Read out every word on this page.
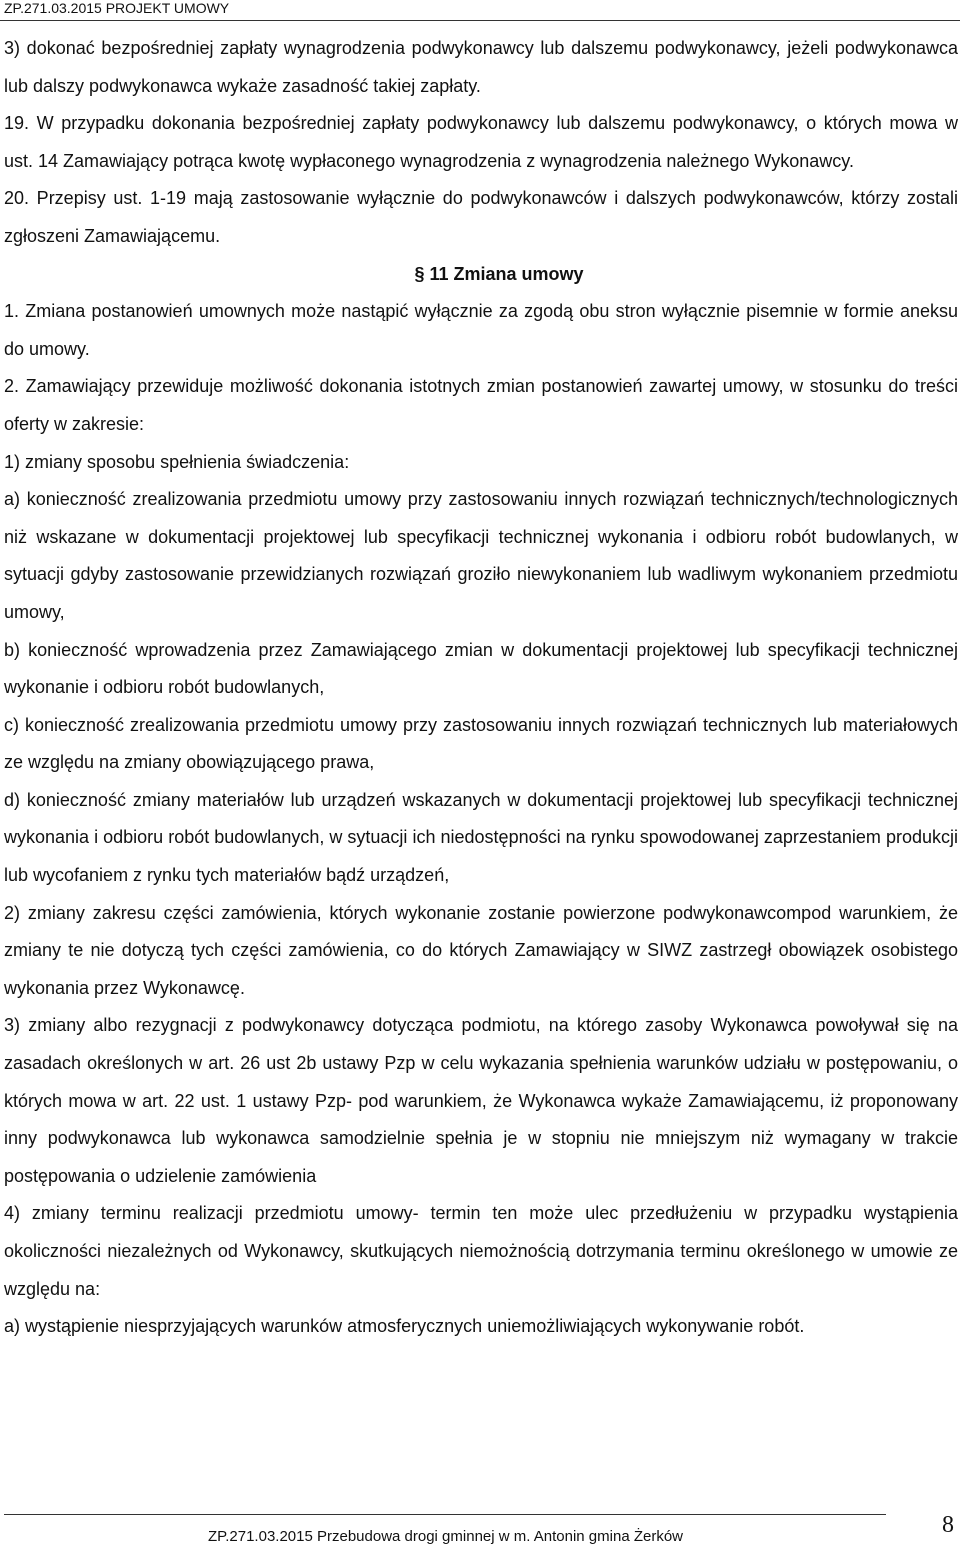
ZP.271.03.2015 PROJEKT UMOWY

3) dokonać bezpośredniej zapłaty wynagrodzenia podwykonawcy lub dalszemu podwykonawcy, jeżeli podwykonawca lub dalszy podwykonawca wykaże zasadność takiej zapłaty.

19. W przypadku dokonania bezpośredniej zapłaty podwykonawcy lub dalszemu podwykonawcy, o których mowa w ust. 14 Zamawiający potrąca kwotę wypłaconego wynagrodzenia z wynagrodzenia należnego Wykonawcy.

20. Przepisy ust. 1-19 mają zastosowanie wyłącznie do podwykonawców i dalszych podwykonawców, którzy zostali zgłoszeni Zamawiającemu.

§ 11 Zmiana umowy

1. Zmiana postanowień umownych może nastąpić wyłącznie za zgodą obu stron wyłącznie pisemnie w formie aneksu do umowy.

2. Zamawiający przewiduje możliwość dokonania istotnych zmian postanowień zawartej umowy, w stosunku do treści oferty w zakresie:

1) zmiany sposobu spełnienia świadczenia:

a) konieczność zrealizowania przedmiotu umowy przy zastosowaniu innych rozwiązań technicznych/technologicznych niż wskazane w dokumentacji projektowej lub specyfikacji technicznej wykonania i odbioru robót budowlanych, w sytuacji gdyby zastosowanie przewidzianych rozwiązań groziło niewykonaniem lub wadliwym wykonaniem przedmiotu umowy,

b) konieczność wprowadzenia przez Zamawiającego zmian w dokumentacji projektowej lub specyfikacji technicznej wykonanie i odbioru robót budowlanych,

c) konieczność zrealizowania przedmiotu umowy przy zastosowaniu innych rozwiązań technicznych lub materiałowych ze względu na zmiany obowiązującego prawa,

d) konieczność zmiany materiałów lub urządzeń wskazanych w dokumentacji projektowej lub specyfikacji technicznej wykonania i odbioru robót budowlanych, w sytuacji ich niedostępności na rynku spowodowanej zaprzestaniem produkcji lub wycofaniem z rynku tych materiałów bądź urządzeń,

2) zmiany zakresu części zamówienia, których wykonanie zostanie powierzone podwykonawcompod warunkiem, że zmiany te nie dotyczą tych części zamówienia, co do których Zamawiający w SIWZ zastrzegł obowiązek osobistego wykonania przez Wykonawcę.

3) zmiany albo rezygnacji z podwykonawcy dotycząca podmiotu, na którego zasoby Wykonawca powoływał się na zasadach określonych w art. 26 ust 2b ustawy Pzp w celu wykazania spełnienia warunków udziału w postępowaniu, o których mowa w art. 22 ust. 1 ustawy Pzp- pod warunkiem, że Wykonawca wykaże Zamawiającemu, iż proponowany inny podwykonawca lub wykonawca samodzielnie spełnia je w stopniu nie mniejszym niż wymagany w trakcie postępowania o udzielenie zamówienia

4) zmiany terminu realizacji przedmiotu umowy- termin ten może ulec przedłużeniu w przypadku wystąpienia okoliczności niezależnych od Wykonawcy, skutkujących niemożnością dotrzymania terminu określonego w umowie ze względu na:

a) wystąpienie niesprzyjających warunków atmosferycznych uniemożliwiających wykonywanie robót.

ZP.271.03.2015 Przebudowa drogi gminnej w m. Antonin gmina Żerków	8
